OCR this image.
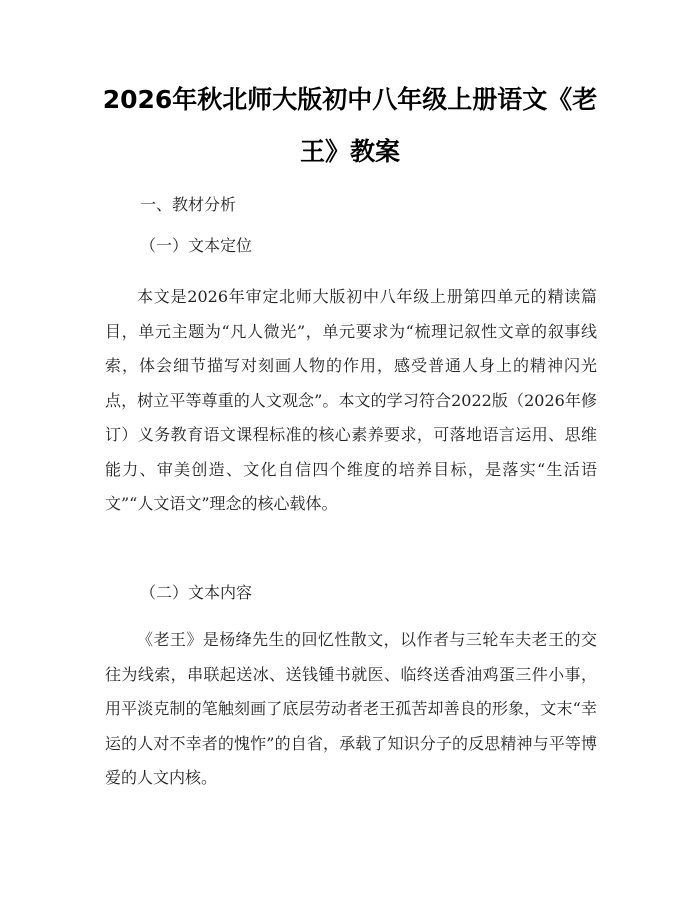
2026年秋北师大版初中八年级上册语文《老王》教案

一、教材分析

（一）文本定位

本文是2026年审定北师大版初中八年级上册第四单元的精读篇目，单元主题为“凡人微光”，单元要求为“梳理记叙性文章的叙事线索，体会细节描写对刻画人物的作用，感受普通人身上的精神闪光点，树立平等尊重的人文观念”。本文的学习符合2022版（2026年修订）义务教育语文课程标准的核心素养要求，可落地语言运用、思维能力、审美创造、文化自信四个维度的培养目标，是落实“生活语文”“人文语文”理念的核心载体。

（二）文本内容

《老王》是杨绛先生的回忆性散文，以作者与三轮车夫老王的交往为线索，串联起送冰、送钱锺书就医、临终送香油鸡蛋三件小事，用平淡克制的笔触刻画了底层劳动者老王孤苦却善良的形象，文末“幸运的人对不幸者的愧怍”的自省，承载了知识分子的反思精神与平等博爱的人文内核。
